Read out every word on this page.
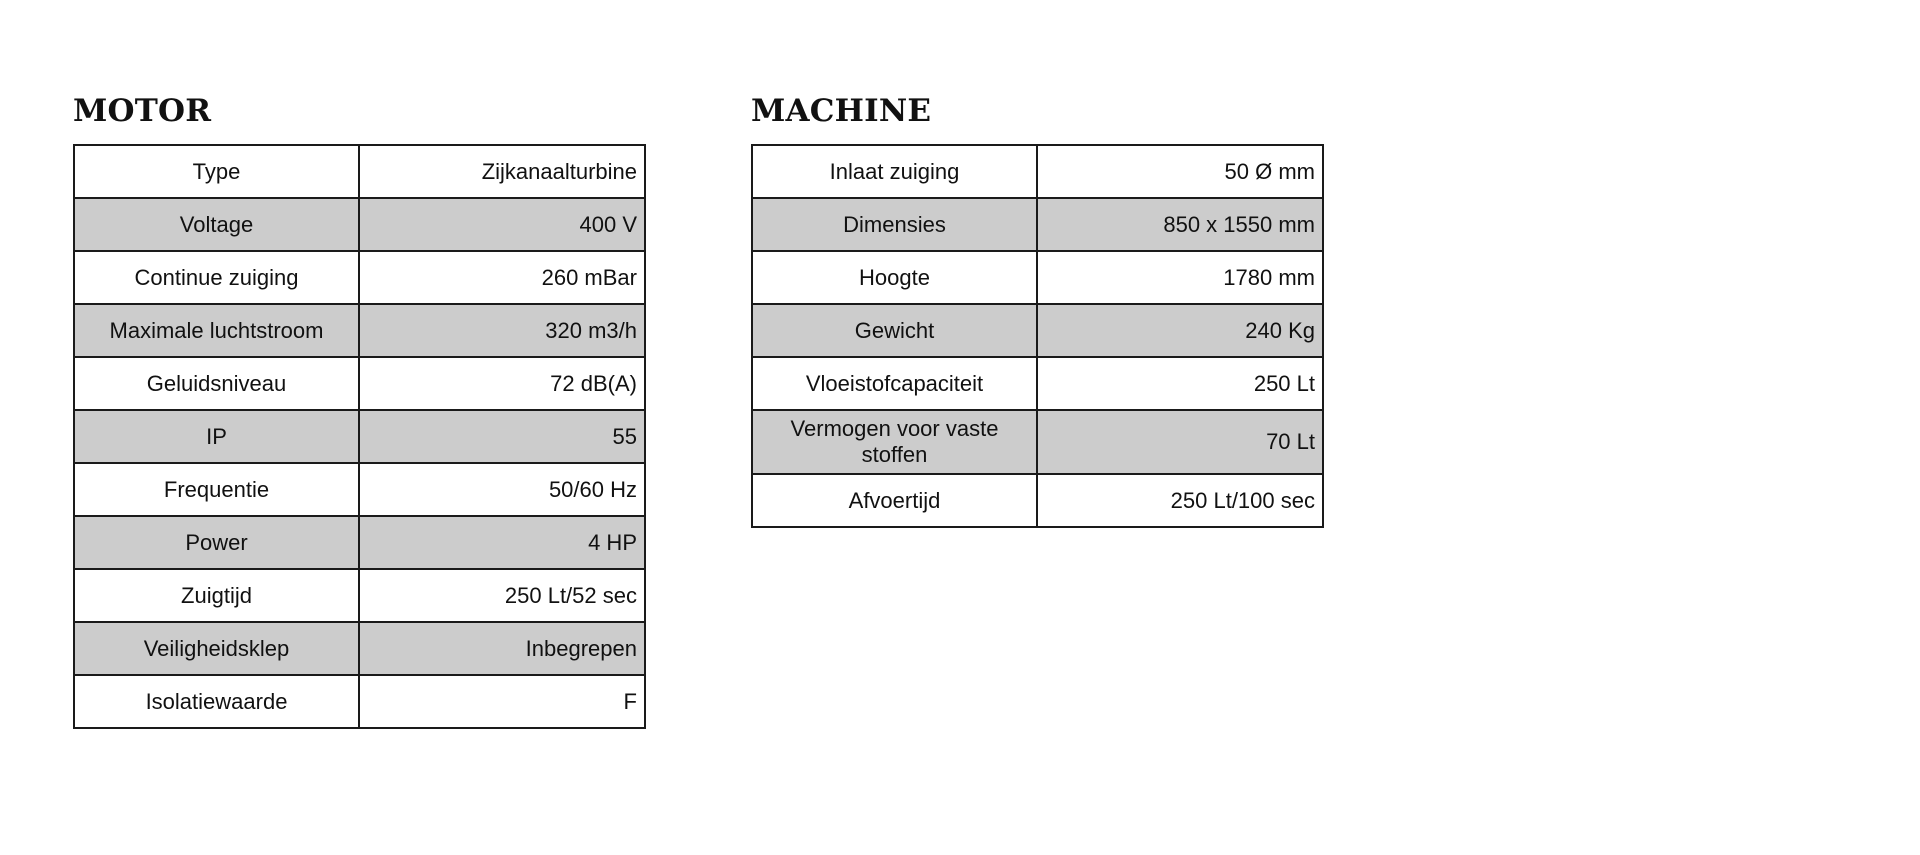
MOTOR
Type	Zijkanaalturbine
Voltage	400 V
Continue zuiging	260 mBar
Maximale luchtstroom	320 m3/h
Geluidsniveau	72 dB(A)
IP	55
Frequentie	50/60 Hz
Power	4 HP
Zuigtijd	250 Lt/52 sec
Veiligheidsklep	Inbegrepen
Isolatiewaarde	F
MACHINE
Inlaat zuiging	50 Ø mm
Dimensies	850 x 1550 mm
Hoogte	1780 mm
Gewicht	240 Kg
Vloeistofcapaciteit	250 Lt
Vermogen voor vaste stoffen	70 Lt
Afvoertijd	250 Lt/100 sec
